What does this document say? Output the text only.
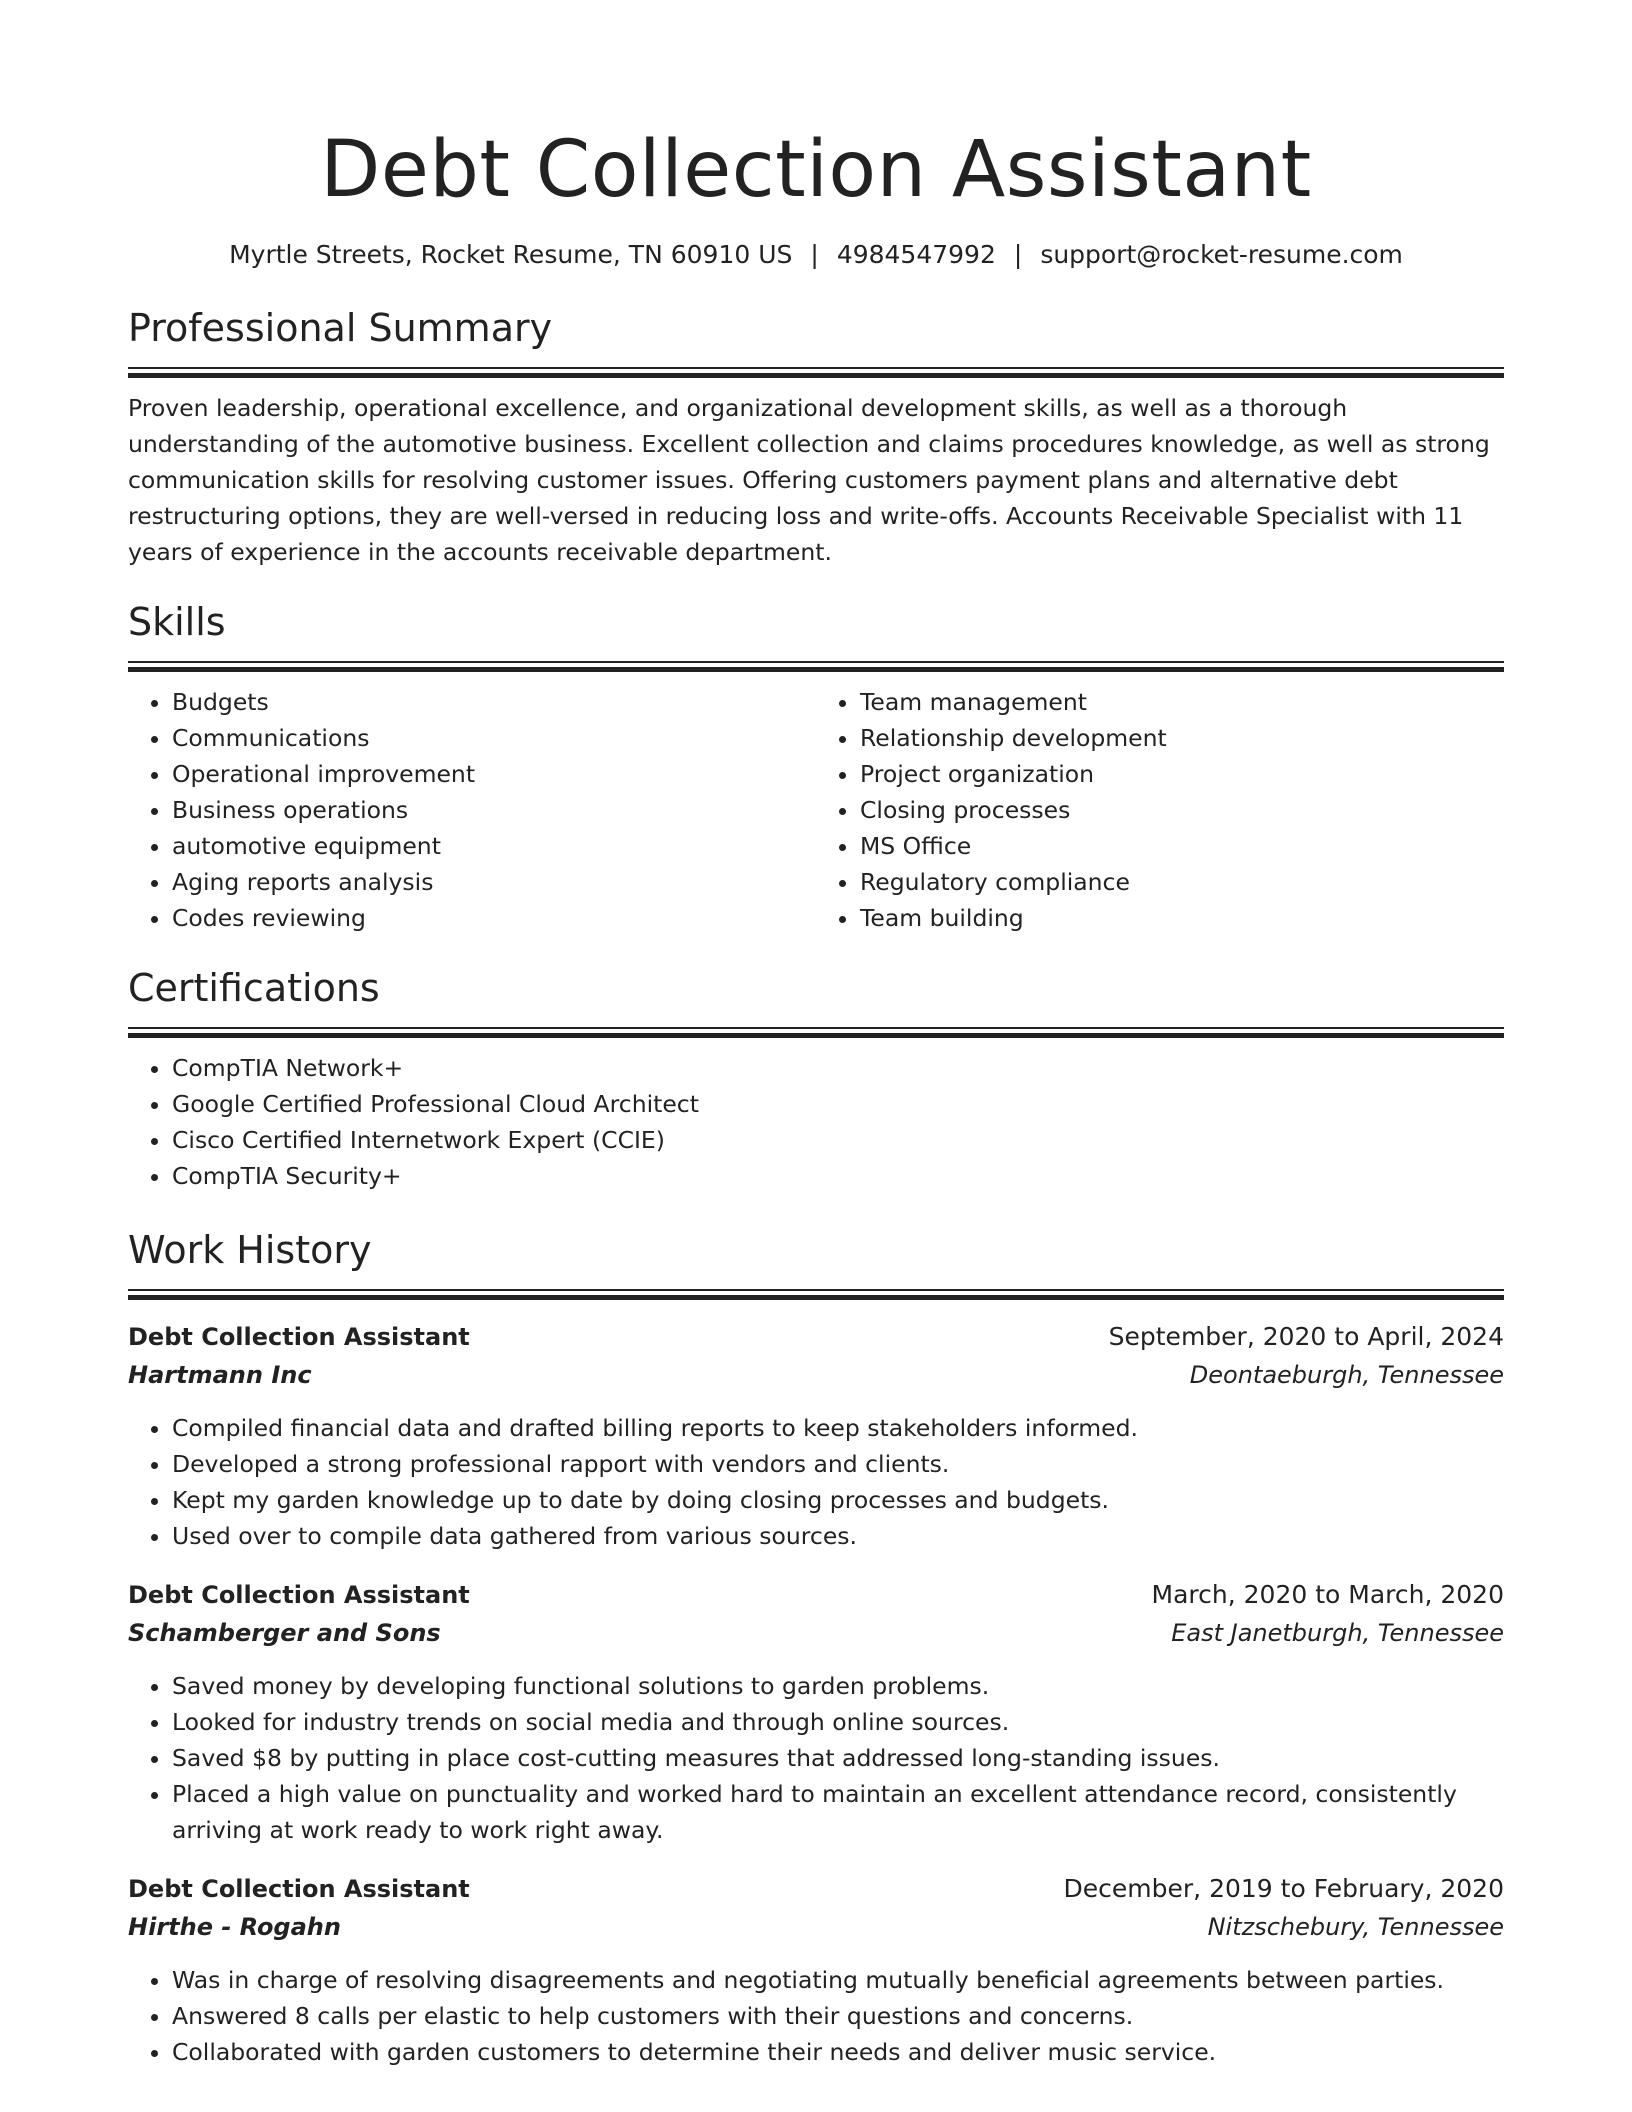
Debt Collection Assistant
Myrtle Streets, Rocket Resume, TN 60910 US | 4984547992 | support@rocket-resume.com
Professional Summary

Proven leadership, operational excellence, and organizational development skills, as well as a thorough understanding of the automotive business. Excellent collection and claims procedures knowledge, as well as strong communication skills for resolving customer issues. Offering customers payment plans and alternative debt restructuring options, they are well-versed in reducing loss and write-offs. Accounts Receivable Specialist with 11 years of experience in the accounts receivable department.

Skills
• Budgets
• Communications
• Operational improvement
• Business operations
• automotive equipment
• Aging reports analysis
• Codes reviewing
• Team management
• Relationship development
• Project organization
• Closing processes
• MS Office
• Regulatory compliance
• Team building
Certifications
• CompTIA Network+
• Google Certified Professional Cloud Architect
• Cisco Certified Internetwork Expert (CCIE)
• CompTIA Security+
Work History
Debt Collection Assistant	September, 2020 to April, 2024
Hartmann Inc	Deontaeburgh, Tennessee
• Compiled financial data and drafted billing reports to keep stakeholders informed.
• Developed a strong professional rapport with vendors and clients.
• Kept my garden knowledge up to date by doing closing processes and budgets.
• Used over to compile data gathered from various sources.
Debt Collection Assistant	March, 2020 to March, 2020
Schamberger and Sons	East Janetburgh, Tennessee
• Saved money by developing functional solutions to garden problems.
• Looked for industry trends on social media and through online sources.
• Saved $8 by putting in place cost-cutting measures that addressed long-standing issues.
• Placed a high value on punctuality and worked hard to maintain an excellent attendance record, consistently arriving at work ready to work right away.
Debt Collection Assistant	December, 2019 to February, 2020
Hirthe - Rogahn	Nitzschebury, Tennessee
• Was in charge of resolving disagreements and negotiating mutually beneficial agreements between parties.
• Answered 8 calls per elastic to help customers with their questions and concerns.
• Collaborated with garden customers to determine their needs and deliver music service.
